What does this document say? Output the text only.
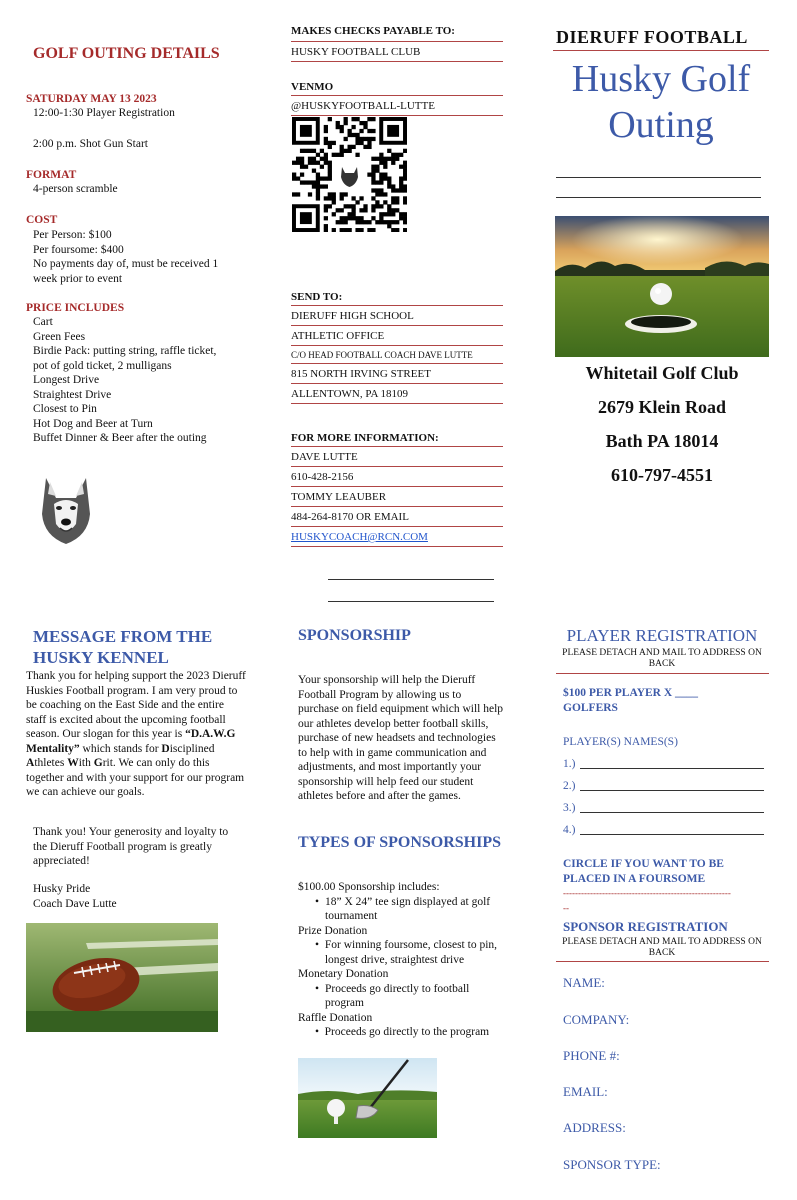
GOLF OUTING DETAILS
SATURDAY MAY 13 2023
12:00-1:30 Player Registration
2:00 p.m. Shot Gun Start
FORMAT
4-person scramble
COST
Per Person: $100
Per foursome: $400
No payments day of, must be received 1
week prior to event
PRICE INCLUDES
Cart
Green Fees
Birdie Pack: putting string, raffle ticket,
pot of gold ticket, 2 mulligans
Longest Drive
Straightest Drive
Closest to Pin
Hot Dog and Beer at Turn
Buffet Dinner & Beer after the outing
MAKES CHECKS PAYABLE TO:
HUSKY FOOTBALL CLUB
VENMO
@HUSKYFOOTBALL-LUTTE
SEND TO:
DIERUFF HIGH SCHOOL
ATHLETIC OFFICE
C/O HEAD FOOTBALL COACH DAVE LUTTE
815 NORTH IRVING STREET
ALLENTOWN, PA 18109
FOR MORE INFORMATION:
DAVE LUTTE
610-428-2156
TOMMY LEAUBER
484-264-8170 OR EMAIL
HUSKYCOACH@RCN.COM
DIERUFF FOOTBALL
Husky Golf
Outing
Whitetail Golf Club
2679 Klein Road
Bath PA 18014
610-797-4551
MESSAGE FROM THE HUSKY KENNEL
Thank you for helping support the 2023 Dieruff Huskies Football program. I am very proud to be coaching on the East Side and the entire staff is excited about the upcoming football season. Our slogan for this year is “D.A.W.G Mentality” which stands for Disciplined Athletes With Grit. We can only do this together and with your support for our program we can achieve our goals.
Thank you! Your generosity and loyalty to the Dieruff Football program is greatly appreciated!
Husky Pride
Coach Dave Lutte
SPONSORSHIP
Your sponsorship will help the Dieruff Football Program by allowing us to purchase on field equipment which will help our athletes develop better football skills, purchase of new headsets and technologies to help with in game communication and adjustments, and most importantly your sponsorship will help feed our student athletes before and after the games.
TYPES OF SPONSORSHIPS
$100.00 Sponsorship includes:
• 18” X 24” tee sign displayed at golf tournament
Prize Donation
• For winning foursome, closest to pin, longest drive, straightest drive
Monetary Donation
• Proceeds go directly to football program
Raffle Donation
• Proceeds go directly to the program
PLAYER REGISTRATION
PLEASE DETACH AND MAIL TO ADDRESS ON BACK
$100 PER PLAYER X ____
GOLFERS
PLAYER(S) NAMES(S)
1.)
2.)
3.)
4.)
CIRCLE IF YOU WANT TO BE PLACED IN A FOURSOME
--------------------------------------------------------
--
SPONSOR REGISTRATION
PLEASE DETACH AND MAIL TO ADDRESS ON BACK
NAME:
COMPANY:
PHONE #:
EMAIL:
ADDRESS:
SPONSOR TYPE:
